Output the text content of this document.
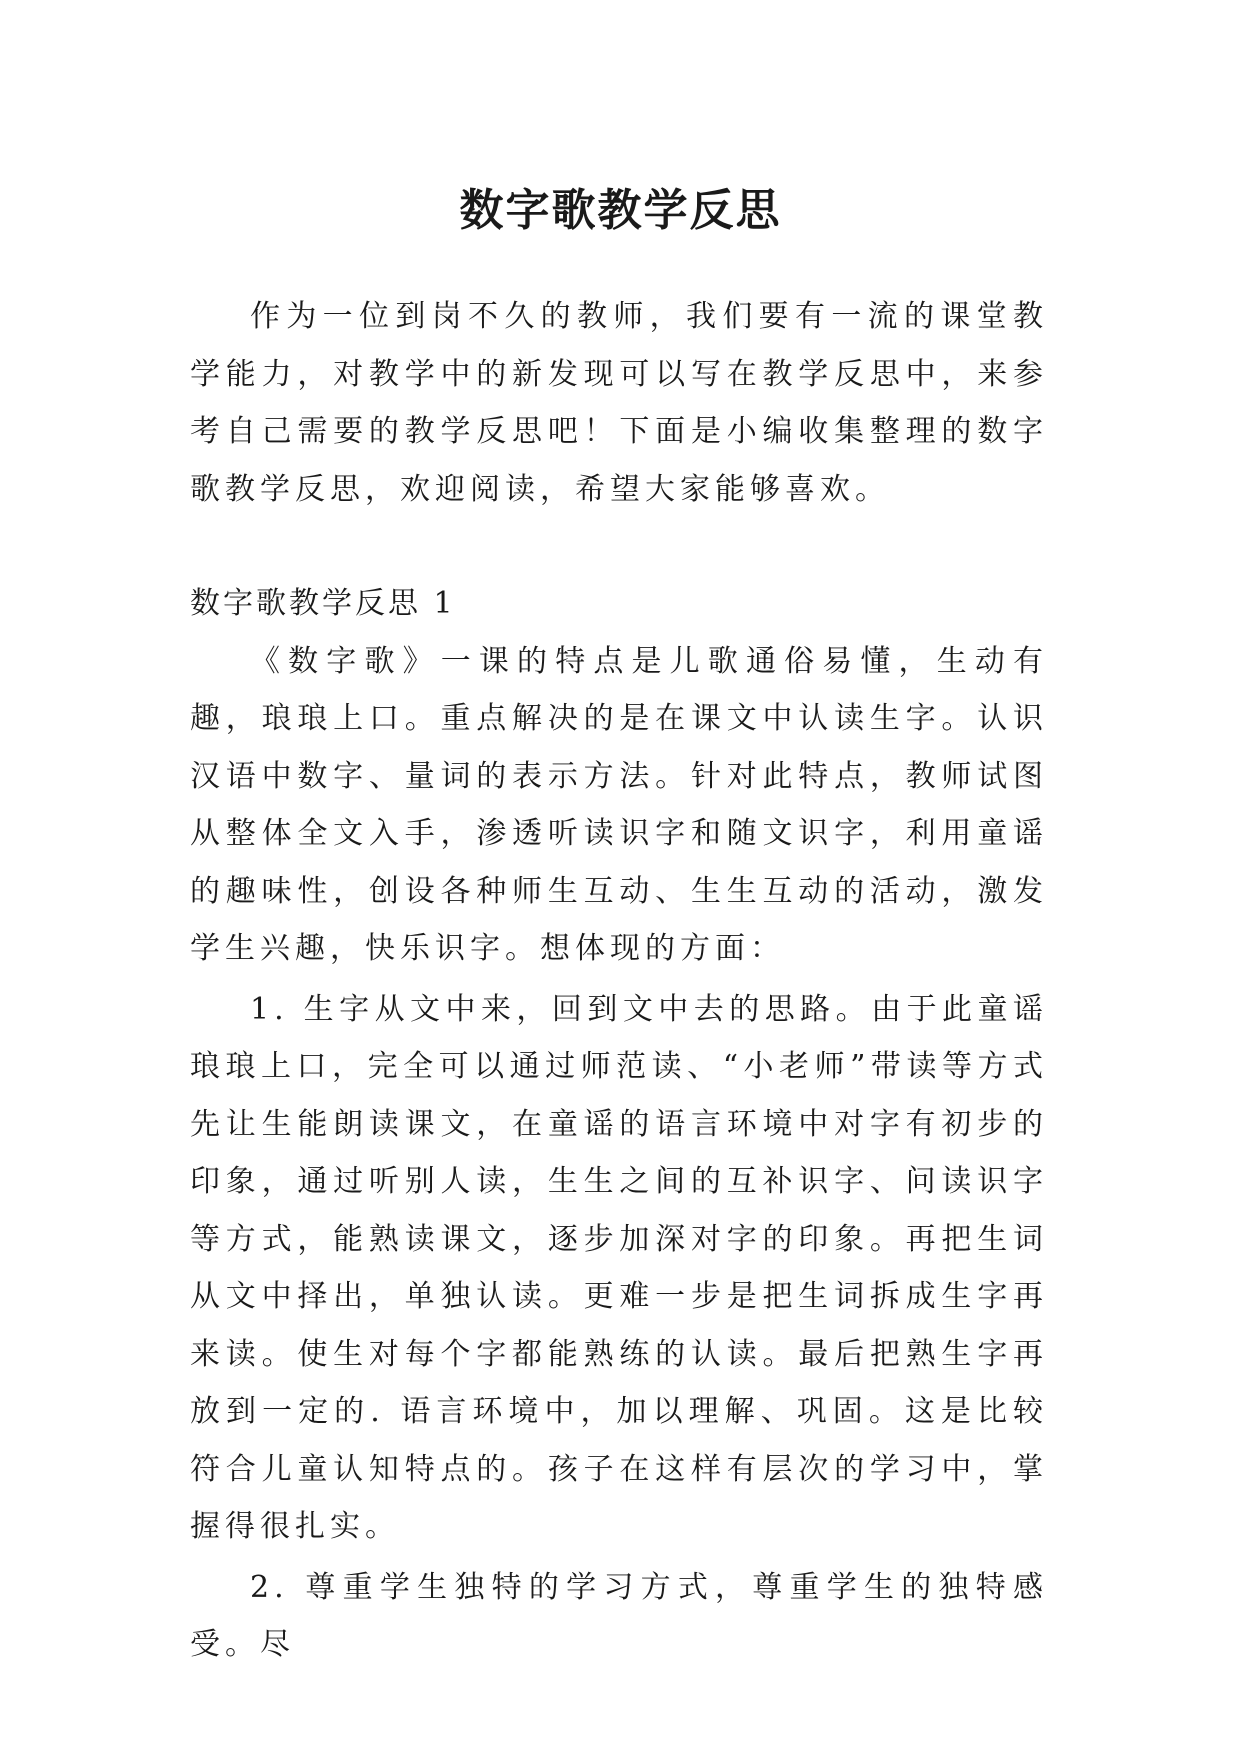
数字歌教学反思

作为一位到岗不久的教师，我们要有一流的课堂教学能力，对教学中的新发现可以写在教学反思中，来参考自己需要的教学反思吧！下面是小编收集整理的数字歌教学反思，欢迎阅读，希望大家能够喜欢。

数字歌教学反思 1

《数字歌》一课的特点是儿歌通俗易懂，生动有趣，琅琅上口。重点解决的是在课文中认读生字。认识汉语中数字、量词的表示方法。针对此特点，教师试图从整体全文入手，渗透听读识字和随文识字，利用童谣的趣味性，创设各种师生互动、生生互动的活动，激发学生兴趣，快乐识字。想体现的方面：

1. 生字从文中来，回到文中去的思路。由于此童谣琅琅上口，完全可以通过师范读、“小老师”带读等方式先让生能朗读课文，在童谣的语言环境中对字有初步的印象，通过听别人读，生生之间的互补识字、问读识字等方式，能熟读课文，逐步加深对字的印象。再把生词从文中择出，单独认读。更难一步是把生词拆成生字再来读。使生对每个字都能熟练的认读。最后把熟生字再放到一定的. 语言环境中，加以理解、巩固。这是比较符合儿童认知特点的。孩子在这样有层次的学习中，掌握得很扎实。

2. 尊重学生独特的学习方式，尊重学生的独特感受。尽
